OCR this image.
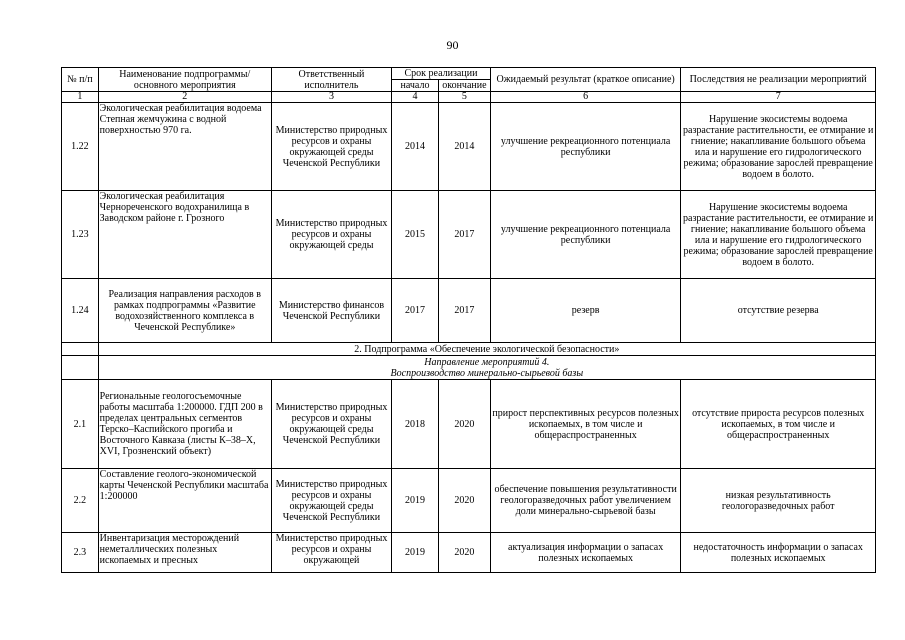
90
№ п/п	Наименование подпрограммы/ основного мероприятия	Ответственный исполнитель	Срок реализации		Ожидаемый результат (краткое описание)	Последствия не реализации мероприятий
			начало	окончание		
1	2	3	4	5	6	7
1.22	Экологическая реабилитация водоема Степная жемчужина с водной поверхностью 970 га.	Министерство природных ресурсов и охраны окружающей среды Чеченской Республики	2014	2014	улучшение рекреационного потенциала республики	Нарушение экосистемы водоема разрастание растительности, ее отмирание и гниение; накапливание большого объема ила и нарушение его гидрологического режима; образование зарослей превращение водоем в болото.
1.23	Экологическая реабилитация Чернореченского водохранилища в Заводском районе г. Грозного	Министерство природных ресурсов и охраны окружающей среды	2015	2017	улучшение рекреационного потенциала республики	Нарушение экосистемы водоема разрастание растительности, ее отмирание и гниение; накапливание большого объема ила и нарушение его гидрологического режима; образование зарослей превращение водоем в болото.
1.24	Реализация направления расходов в рамках подпрограммы «Развитие водохозяйственного комплекса в Чеченской Республике»	Министерство финансов Чеченской Республики	2017	2017	резерв	отсутствие резерва
	2. Подпрограмма «Обеспечение экологической безопасности»					

	Направление мероприятий 4.
Воспроизводство минерально-сырьевой базы					

2.1	Региональные геологосъемочные работы масштаба 1:200000. ГДП 200 в пределах центральных сегментов Терско–Каспийского прогиба и Восточного Кавказа (листы К–38–X, XVI, Грозненский объект)	Министерство природных ресурсов и охраны окружающей среды Чеченской Республики	2018	2020	прирост перспективных ресурсов полезных ископаемых, в том числе и общераспространенных	отсутствие прироста ресурсов полезных ископаемых, в том числе и общераспространенных
2.2	Составление геолого-экономической карты Чеченской Республики масштаба 1:200000	Министерство природных ресурсов и охраны окружающей среды Чеченской Республики	2019	2020	обеспечение повышения результативности геологоразведочных работ увеличением доли минерально-сырьевой базы	низкая результативность геологоразведочных работ
2.3	Инвентаризация месторождений неметаллических полезных ископаемых и пресных	Министерство природных ресурсов и охраны окружающей	2019	2020	актуализация информации о запасах полезных ископаемых	недостаточность информации о запасах полезных ископаемых
